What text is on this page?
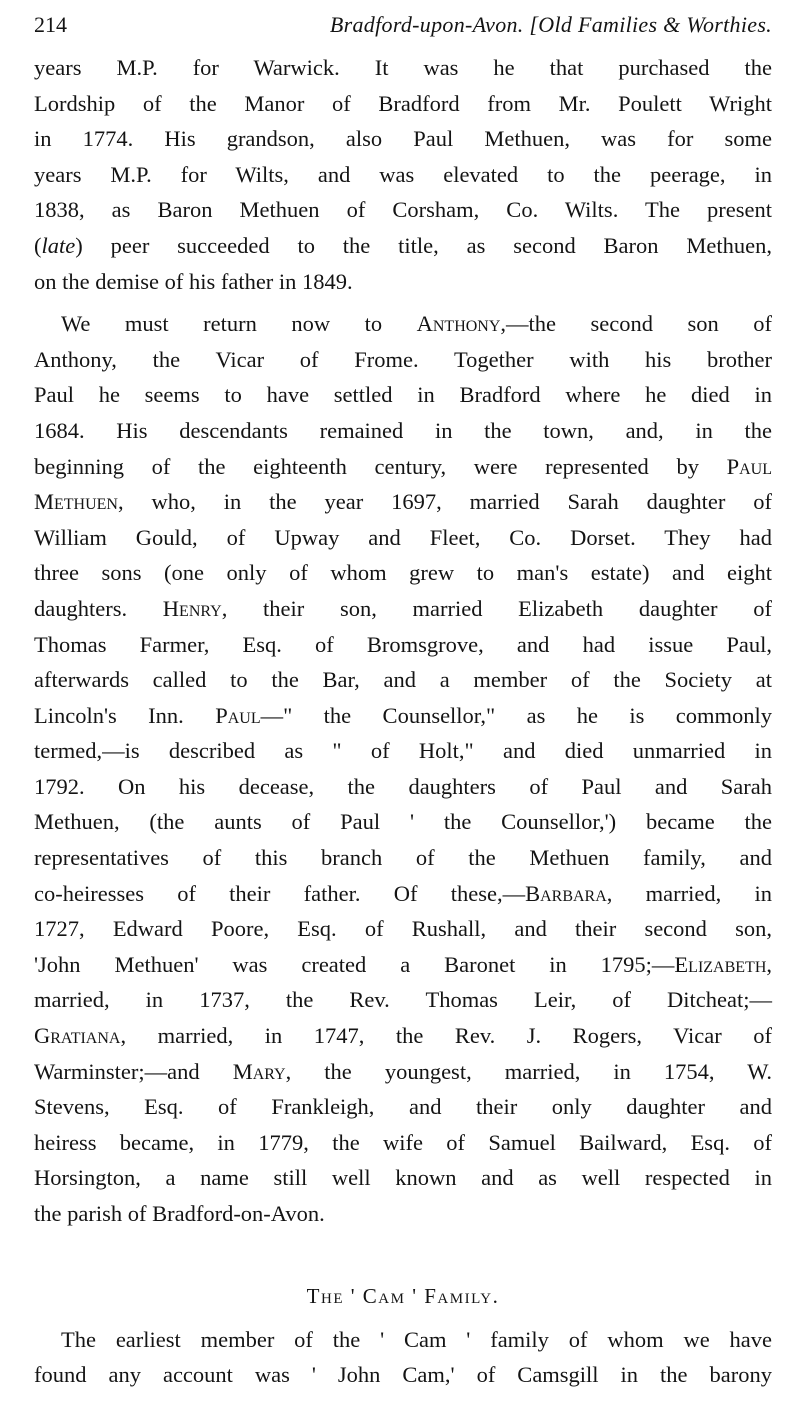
214	Bradford-upon-Avon. [Old Families & Worthies.
years M.P. for Warwick. It was he that purchased the
Lordship of the Manor of Bradford from Mr. Poulett Wright
in 1774. His grandson, also Paul Methuen, was for some
years M.P. for Wilts, and was elevated to the peerage, in
1838, as Baron Methuen of Corsham, Co. Wilts. The present
(late) peer succeeded to the title, as second Baron Methuen,
on the demise of his father in 1849.
We must return now to Anthony,—the second son of
Anthony, the Vicar of Frome. Together with his brother
Paul he seems to have settled in Bradford where he died in
1684. His descendants remained in the town, and, in the
beginning of the eighteenth century, were represented by Paul
Methuen, who, in the year 1697, married Sarah daughter of
William Gould, of Upway and Fleet, Co. Dorset. They had
three sons (one only of whom grew to man's estate) and eight
daughters. Henry, their son, married Elizabeth daughter of
Thomas Farmer, Esq. of Bromsgrove, and had issue Paul,
afterwards called to the Bar, and a member of the Society at
Lincoln's Inn. Paul—" the Counsellor," as he is commonly
termed,—is described as " of Holt," and died unmarried in
1792. On his decease, the daughters of Paul and Sarah
Methuen, (the aunts of Paul ' the Counsellor,') became the
representatives of this branch of the Methuen family, and
co-heiresses of their father. Of these,—Barbara, married, in
1727, Edward Poore, Esq. of Rushall, and their second son,
'John Methuen' was created a Baronet in 1795;—Elizabeth,
married, in 1737, the Rev. Thomas Leir, of Ditcheat;—
Gratiana, married, in 1747, the Rev. J. Rogers, Vicar of
Warminster;—and Mary, the youngest, married, in 1754, W.
Stevens, Esq. of Frankleigh, and their only daughter and
heiress became, in 1779, the wife of Samuel Bailward, Esq. of
Horsington, a name still well known and as well respected in
the parish of Bradford-on-Avon.
The ' Cam ' Family.
The earliest member of the ' Cam ' family of whom we have
found any account was ' John Cam,' of Camsgill in the barony
